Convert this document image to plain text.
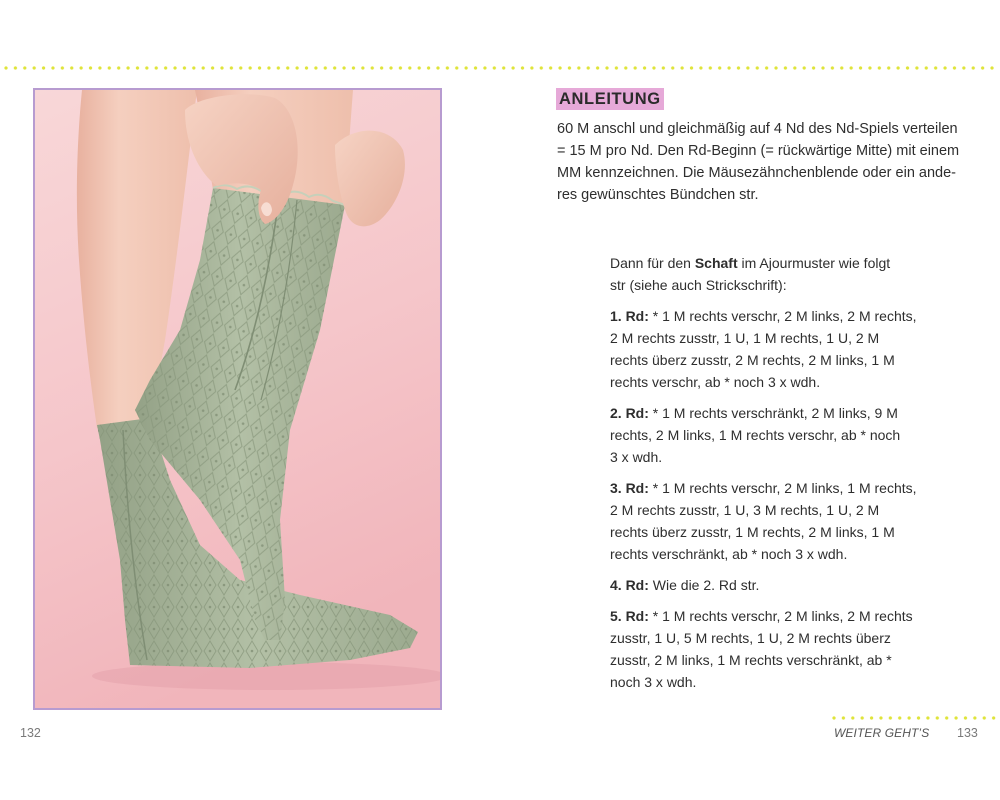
ANLEITUNG
60 M anschl und gleichmäßig auf 4 Nd des Nd-Spiels verteilen
= 15 M pro Nd. Den Rd-Beginn (= rückwärtige Mitte) mit einem
MM kennzeichnen. Die Mäusezähnchenblende oder ein ande-
res gewünschtes Bündchen str.
Dann für den Schaft im Ajourmuster wie folgt
str (siehe auch Strickschrift):
1. Rd: * 1 M rechts verschr, 2 M links, 2 M rechts,
2 M rechts zusstr, 1 U, 1 M rechts, 1 U, 2 M
rechts überz zusstr, 2 M rechts, 2 M links, 1 M
rechts verschr, ab * noch 3 x wdh.
2. Rd: * 1 M rechts verschränkt, 2 M links, 9 M
rechts, 2 M links, 1 M rechts verschr, ab * noch
3 x wdh.
3. Rd: * 1 M rechts verschr, 2 M links, 1 M rechts,
2 M rechts zusstr, 1 U, 3 M rechts, 1 U, 2 M
rechts überz zusstr, 1 M rechts, 2 M links, 1 M
rechts verschränkt, ab * noch 3 x wdh.
4. Rd: Wie die 2. Rd str.
5. Rd: * 1 M rechts verschr, 2 M links, 2 M rechts
zusstr, 1 U, 5 M rechts, 1 U, 2 M rechts überz
zusstr, 2 M links, 1 M rechts verschränkt, ab *
noch 3 x wdh.
132	WEITER GEHT’S 133
